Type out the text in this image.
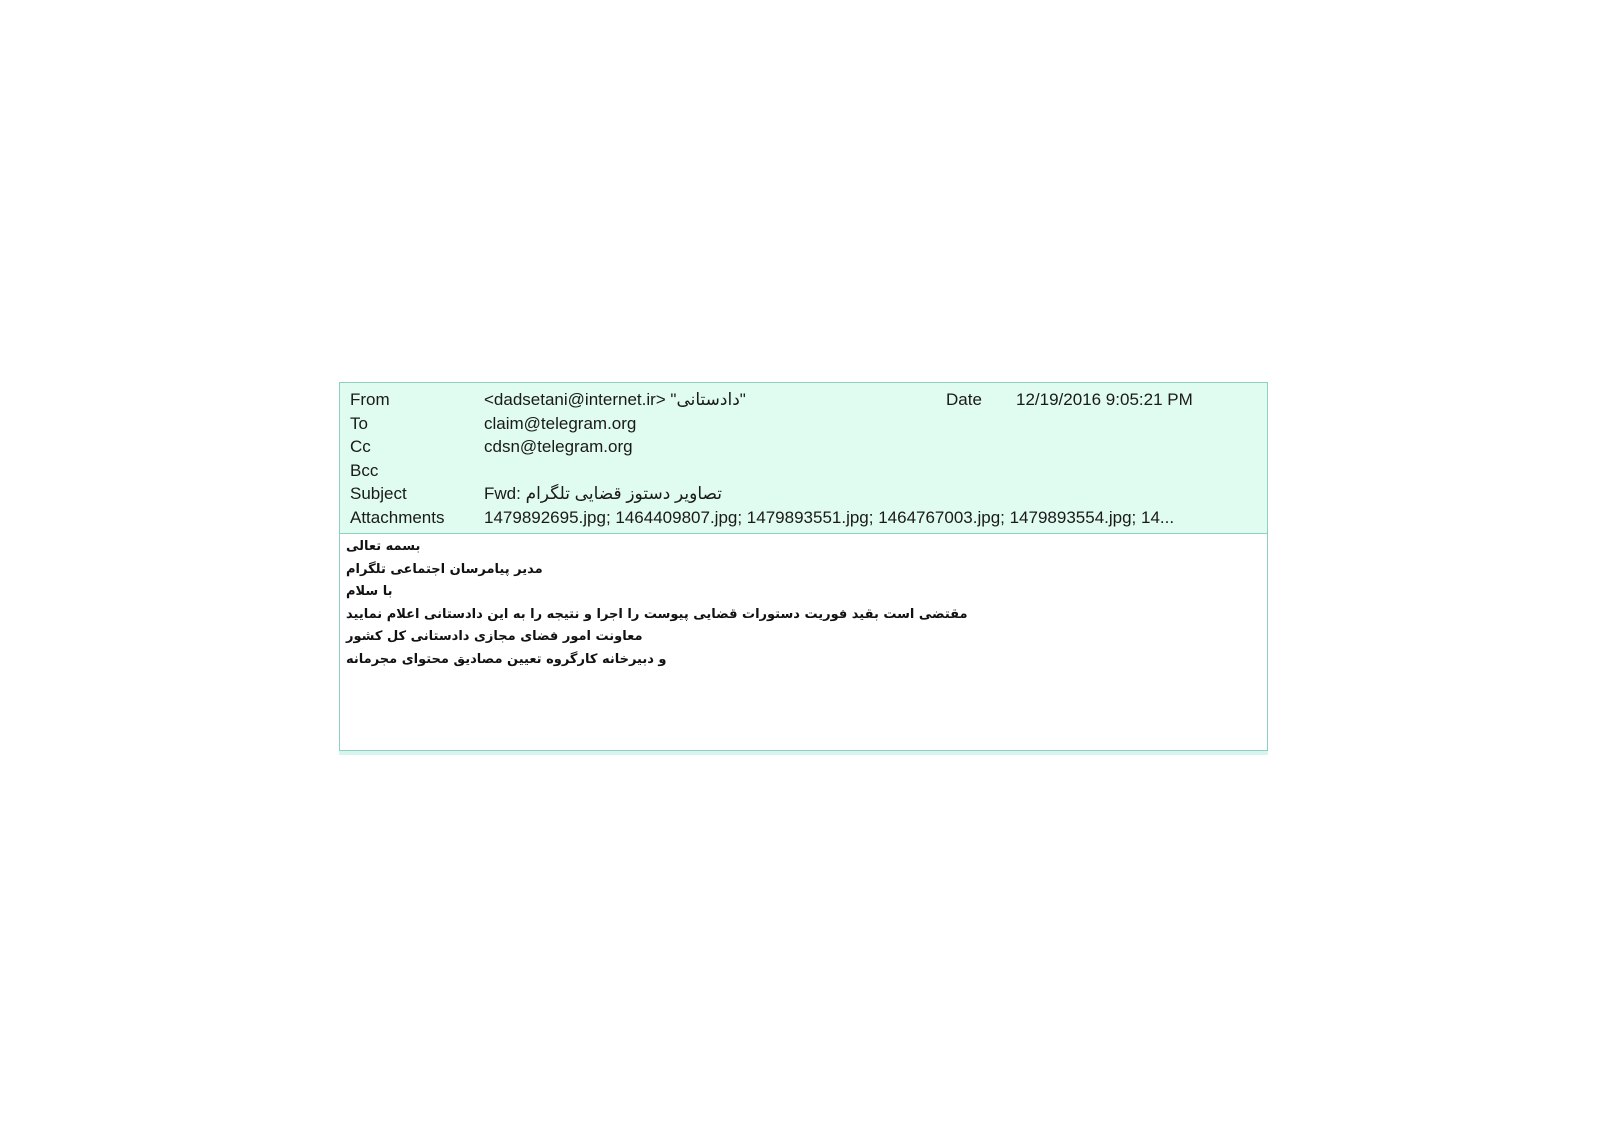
From	<dadsetani@internet.ir> "دادستانی"	Date 12/19/2016 9:05:21 PM
To	claim@telegram.org
Cc	cdsn@telegram.org
Bcc
Subject	Fwd: تصاویر دستوز قضایی تلگرام
Attachments 1479892695.jpg; 1464409807.jpg; 1479893551.jpg; 1464767003.jpg; 1479893554.jpg; 14...
بسمه تعالی
مدیر پیامرسان اجتماعی تلگرام
با سلام
مقتضی است بقید فوریت دستورات قضایی پیوست را اجرا و نتیجه را به این دادستانی اعلام نمایید
معاونت امور فضای مجازی دادستانی کل کشور
و دبیرخانه کارگروه تعیین مصادیق محتوای مجرمانه
